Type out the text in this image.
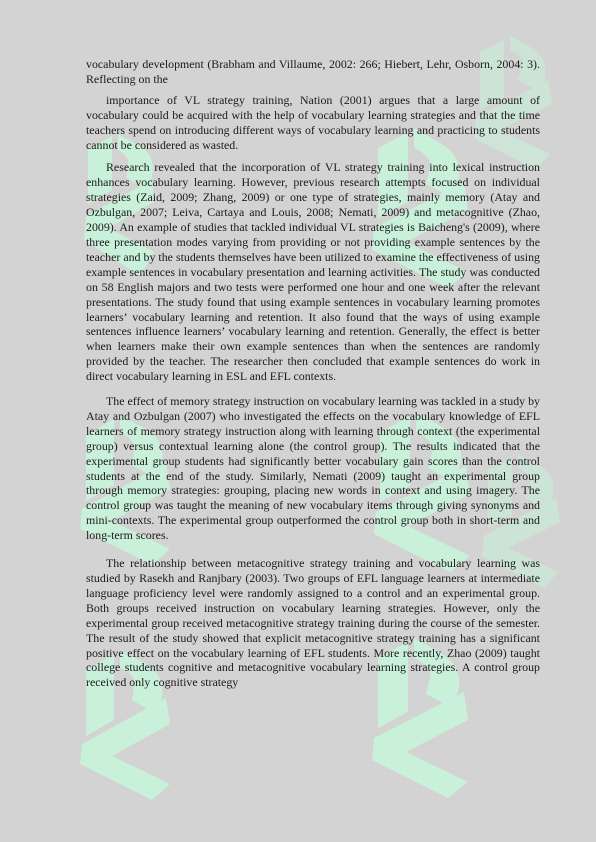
vocabulary development (Brabham and Villaume, 2002: 266; Hiebert, Lehr, Osborn, 2004: 3). Reflecting on the

importance of VL strategy training, Nation (2001) argues that a large amount of vocabulary could be acquired with the help of vocabulary learning strategies and that the time teachers spend on introducing different ways of vocabulary learning and practicing to students cannot be considered as wasted.

Research revealed that the incorporation of VL strategy training into lexical instruction enhances vocabulary learning. However, previous research attempts focused on individual strategies (Zaid, 2009; Zhang, 2009) or one type of strategies, mainly memory (Atay and Ozbulgan, 2007; Leiva, Cartaya and Louis, 2008; Nemati, 2009) and metacognitive (Zhao, 2009). An example of studies that tackled individual VL strategies is Baicheng's (2009), where three presentation modes varying from providing or not providing example sentences by the teacher and by the students themselves have been utilized to examine the effectiveness of using example sentences in vocabulary presentation and learning activities. The study was conducted on 58 English majors and two tests were performed one hour and one week after the relevant presentations. The study found that using example sentences in vocabulary learning promotes learners’ vocabulary learning and retention. It also found that the ways of using example sentences influence learners’ vocabulary learning and retention. Generally, the effect is better when learners make their own example sentences than when the sentences are randomly provided by the teacher. The researcher then concluded that example sentences do work in direct vocabulary learning in ESL and EFL contexts.

The effect of memory strategy instruction on vocabulary learning was tackled in a study by Atay and Ozbulgan (2007) who investigated the effects on the vocabulary knowledge of EFL learners of memory strategy instruction along with learning through context (the experimental group) versus contextual learning alone (the control group). The results indicated that the experimental group students had significantly better vocabulary gain scores than the control students at the end of the study. Similarly, Nemati (2009) taught an experimental group through memory strategies: grouping, placing new words in context and using imagery. The control group was taught the meaning of new vocabulary items through giving synonyms and mini-contexts. The experimental group outperformed the control group both in short-term and long-term scores.

The relationship between metacognitive strategy training and vocabulary learning was studied by Rasekh and Ranjbary (2003). Two groups of EFL language learners at intermediate language proficiency level were randomly assigned to a control and an experimental group. Both groups received instruction on vocabulary learning strategies. However, only the experimental group received metacognitive strategy training during the course of the semester. The result of the study showed that explicit metacognitive strategy training has a significant positive effect on the vocabulary learning of EFL students. More recently, Zhao (2009) taught college students cognitive and metacognitive vocabulary learning strategies. A control group received only cognitive strategy
